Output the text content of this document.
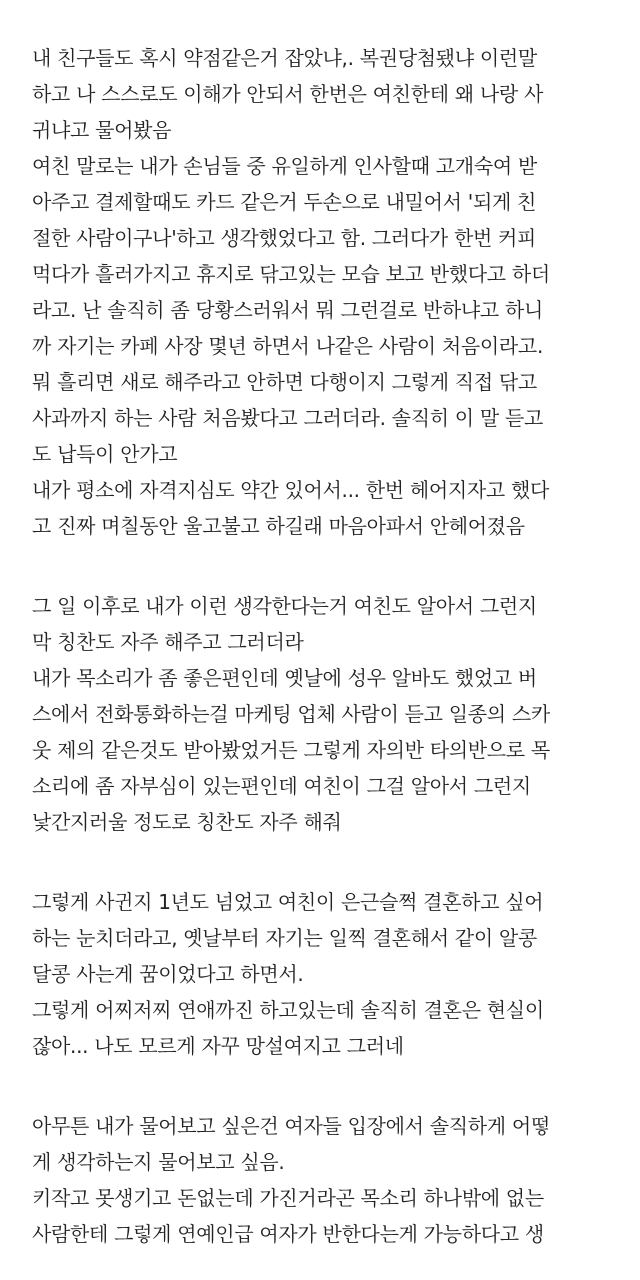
내 친구들도 혹시 약점같은거 잡았냐,. 복권당첨됐냐 이런말
하고 나 스스로도 이해가 안되서 한번은 여친한테 왜 나랑 사
귀냐고 물어봤음
여친 말로는 내가 손님들 중 유일하게 인사할때 고개숙여 받
아주고 결제할때도 카드 같은거 두손으로 내밀어서 '되게 친
절한 사람이구나'하고 생각했었다고 함. 그러다가 한번 커피
먹다가 흘러가지고 휴지로 닦고있는 모습 보고 반했다고 하더
라고. 난 솔직히 좀 당황스러워서 뭐 그런걸로 반하냐고 하니
까 자기는 카페 사장 몇년 하면서 나같은 사람이 처음이라고.
뭐 흘리면 새로 해주라고 안하면 다행이지 그렇게 직접 닦고
사과까지 하는 사람 처음봤다고 그러더라. 솔직히 이 말 듣고
도 납득이 안가고
내가 평소에 자격지심도 약간 있어서... 한번 헤어지자고 했다
고 진짜 며칠동안 울고불고 하길래 마음아파서 안헤어졌음
그 일 이후로 내가 이런 생각한다는거 여친도 알아서 그런지
막 칭찬도 자주 해주고 그러더라
내가 목소리가 좀 좋은편인데 옛날에 성우 알바도 했었고 버
스에서 전화통화하는걸 마케팅 업체 사람이 듣고 일종의 스카
웃 제의 같은것도 받아봤었거든 그렇게 자의반 타의반으로 목
소리에 좀 자부심이 있는편인데 여친이 그걸 알아서 그런지
낯간지러울 정도로 칭찬도 자주 해줘
그렇게 사귄지 1년도 넘었고 여친이 은근슬쩍 결혼하고 싶어
하는 눈치더라고, 옛날부터 자기는 일찍 결혼해서 같이 알콩
달콩 사는게 꿈이었다고 하면서.
그렇게 어찌저찌 연애까진 하고있는데 솔직히 결혼은 현실이
잖아... 나도 모르게 자꾸 망설여지고 그러네
아무튼 내가 물어보고 싶은건 여자들 입장에서 솔직하게 어떻
게 생각하는지 물어보고 싶음.
키작고 못생기고 돈없는데 가진거라곤 목소리 하나밖에 없는
사람한테 그렇게 연예인급 여자가 반한다는게 가능하다고 생
